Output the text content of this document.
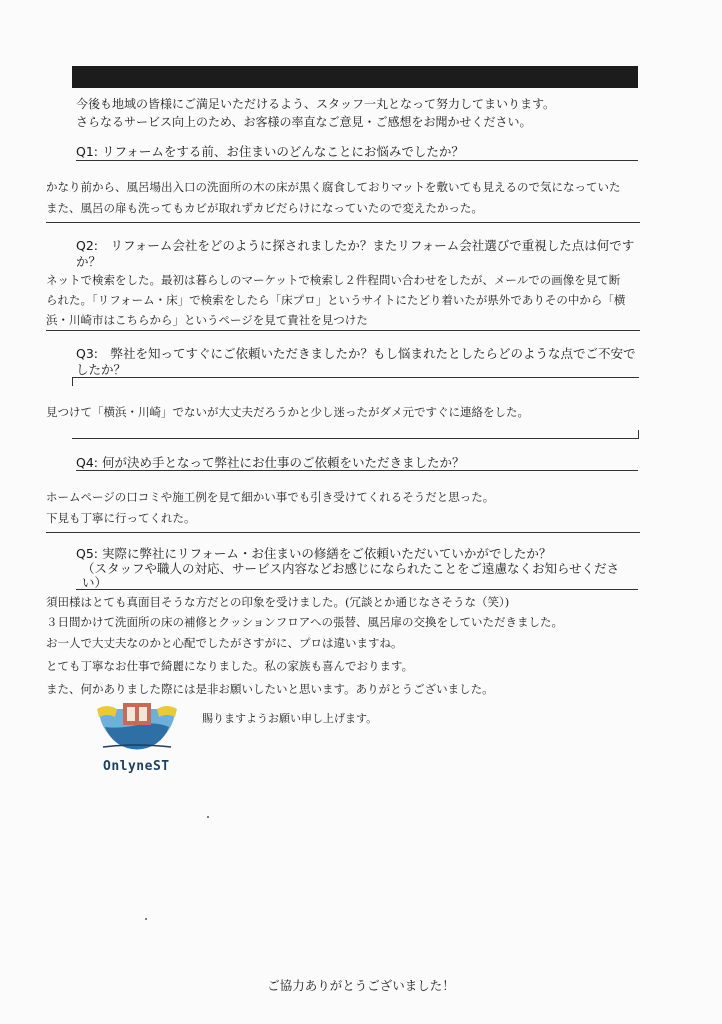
今後も地域の皆様にご満足いただけるよう、スタッフ一丸となって努力してまいります。
さらなるサービス向上のため、お客様の率直なご意見・ご感想をお聞かせください。
Q1: リフォームをする前、お住まいのどんなことにお悩みでしたか？
かなり前から、風呂場出入口の洗面所の木の床が黒く腐食しておりマットを敷いても見えるので気になっていた
また、風呂の扉も洗ってもカビが取れずカビだらけになっていたので変えたかった。
Q2:　リフォーム会社をどのように探されましたか？またリフォーム会社選びで重視した点は何です
か？
ネットで検索をした。最初は暮らしのマーケットで検索し２件程問い合わせをしたが、メールでの画像を見て断
られた。「リフォーム・床」で検索をしたら「床プロ」というサイトにたどり着いたが県外でありその中から「横
浜・川崎市はこちらから」というページを見て貴社を見つけた
Q3:　弊社を知ってすぐにご依頼いただきましたか？もし悩まれたとしたらどのような点でご不安で
したか？
見つけて「横浜・川崎」でないが大丈夫だろうかと少し迷ったがダメ元ですぐに連絡をした。
Q4: 何が決め手となって弊社にお仕事のご依頼をいただきましたか？
ホームページの口コミや施工例を見て細かい事でも引き受けてくれるそうだと思った。
下見も丁寧に行ってくれた。
Q5: 実際に弊社にリフォーム・お住まいの修繕をご依頼いただいていかがでしたか？
（スタッフや職人の対応、サービス内容などお感じになられたことをご遠慮なくお知らせくださ
い）
須田様はとても真面目そうな方だとの印象を受けました。(冗談とか通じなさそうな（笑）)
３日間かけて洗面所の床の補修とクッションフロアへの張替、風呂扉の交換をしていただきました。
お一人で大丈夫なのかと心配でしたがさすがに、プロは違いますね。
とても丁寧なお仕事で綺麗になりました。私の家族も喜んでおります。
また、何かありました際には是非お願いしたいと思います。ありがとうございました。
OnlyneST
賜りますようお願い申し上げます。
ご協力ありがとうございました！
